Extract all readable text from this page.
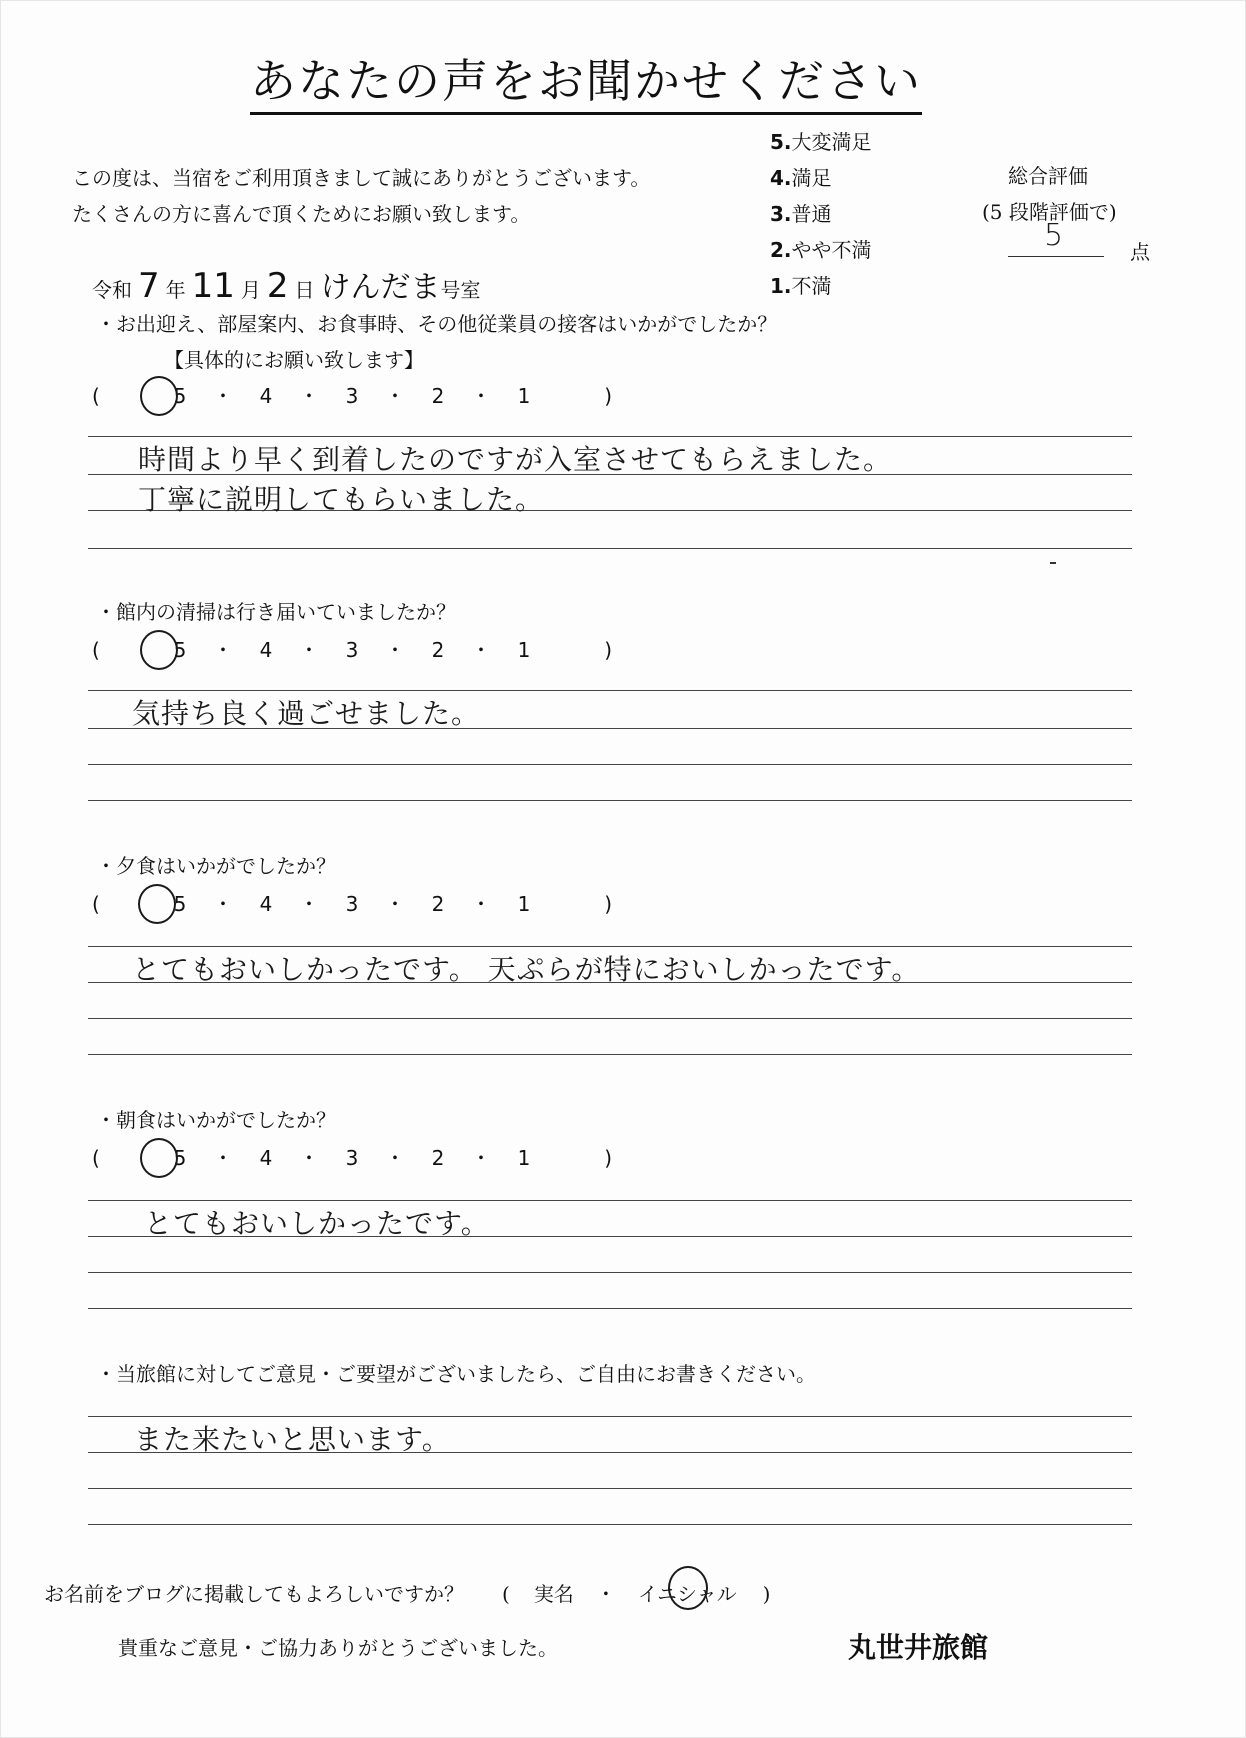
あなたの声をお聞かせください
この度は、当宿をご利用頂きまして誠にありがとうございます。
たくさんの方に喜んで頂くためにお願い致します。
5.大変満足
4.満足
3.普通
2.やや不満
1.不満
総合評価
(5 段階評価で)
5	点
令和 7 年 11 月 2 日 けんだま号室
・お出迎え、部屋案内、お食事時、その他従業員の接客はいかがでしたか？
【具体的にお願い致します】
(	5 ・ 4 ・ 3 ・ 2 ・ 1	)
時間より早く到着したのですが入室させてもらえました。
丁寧に説明してもらいました。
・館内の清掃は行き届いていましたか？
(	5 ・ 4 ・ 3 ・ 2 ・ 1	)
気持ち良く過ごせました。
・夕食はいかがでしたか？
(	5 ・ 4 ・ 3 ・ 2 ・ 1	)
とてもおいしかったです。 天ぷらが特においしかったです。
・朝食はいかがでしたか？
(	5 ・ 4 ・ 3 ・ 2 ・ 1	)
とてもおいしかったです。
・当旅館に対してご意見・ご要望がございましたら、ご自由にお書きください。
また来たいと思います。
お名前をブログに掲載してもよろしいですか？ ( 実名 ・ イニシャル )
貴重なご意見・ご協力ありがとうございました。	丸世井旅館
